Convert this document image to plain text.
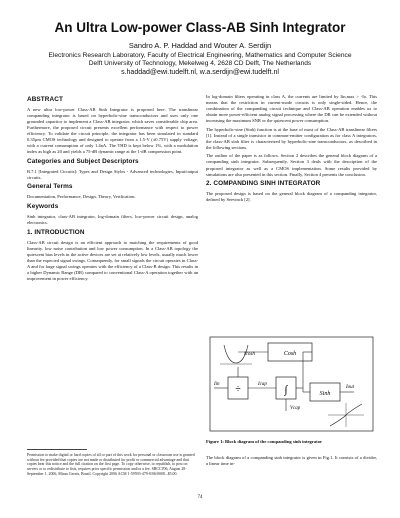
An Ultra Low-power Class-AB Sinh Integrator
Sandro A. P. Haddad and Wouter A. Serdijn
Electronics Research Laboratory, Faculty of Electrical Engineering, Mathematics and Computer Science
Delft University of Technology, Mekelweg 4, 2628 CD Delft, The Netherlands
s.haddad@ewi.tudelft.nl, w.a.serdijn@ewi.tudelft.nl
ABSTRACT

A new ultra low-power Class-AB Sinh Integrator is proposed here. The translinear companding integrator is based on hyperbolic-sine transconductors and uses only one grounded capacitor to implement a Class-AB integrator, which saves considerable chip area. Furthermore, the proposed circuit presents excellent performance with respect to power efficiency. To validate the circuit principle, the integrator has been simulated in standard 0.35μm CMOS technology and designed to operate from a 1.5-V (±0.75V) supply voltage, with a current consumption of only 1.4nA. The THD is kept below 1%, with a modulation index as high as 20 and yields a 75-dB dynamic range at the 1-dB compression point.

Categories and Subject Descriptors

B.7.1 [Integrated Circuits]: Types and Design Styles - Advanced technologies, Input/output circuits.

General Terms

Documentation, Performance, Design, Theory, Verification.

Keywords

Sinh integrator, class-AB integrator, log-domain filters, low-power circuit design, analog electronics.

1. INTRODUCTION

Class-AB circuit design is an efficient approach to matching the requirements of good linearity, low noise contribution and low power consumption. In a Class-AB topology the quiescent bias levels in the active devices are set at relatively low levels, usually much lower than the expected signal swings. Consequently, for small signals the circuit operates in Class-A and for large signal swings operates with the efficiency of a Class-B design. This results in a higher Dynamic Range (DR) compared to conventional Class-A operation together with an improvement in power efficiency.

Permission to make digital or hard copies of all or part of this work for personal or classroom use is granted without fee provided that copies are not made or distributed for profit or commercial advantage and that copies bear this notice and the full citation on the first page. To copy otherwise, to republish, to post on servers or to redistribute to lists, requires prior specific permission and/or a fee. SBCCI'06, August 28-September 1, 2006, Minas Gerais, Brazil. Copyright 2006 ACM 1-59593-479-0/06/0008...$5.00.

In log-domain filters operating in class A, the currents are limited by Iin,max > -Io. This means that the restriction in current-mode circuits is only single-sided. Hence, the combination of the companding circuit technique and Class-AB operation enables us to obtain more power-efficient analog signal processing where the DR can be extended without increasing the maximum SNR or the quiescent power consumption.

The hyperbolic-sine (Sinh) function is at the base of most of the Class-AB translinear filters [1]. Instead of a single transistor in common-emitter configuration as for class A integrators, the class-AB sinh filter is characterized by hyperbolic-sine transconductors, as described in the following sections.

The outline of the paper is as follows. Section 2 describes the general block diagram of a companding sinh integrator. Subsequently, Section 3 deals with the description of the proposed integrator as well as a CMOS implementation. Some results provided by simulations are also presented in this section. Finally, Section 4 presents the conclusion.

2. COMPANDING SINH INTEGRATOR

The proposed design is based on the general block diagram of a companding integrator, defined by Seevinck [2].

Cosh
Icosh
÷	∫	Sinh
Iin	Icap
Iout
Vcap
Figure 1: Block diagram of the companding sinh integrator
The block diagram of a companding sinh integrator is given in Fig.1. It consists of a divider, a linear time in-
74
